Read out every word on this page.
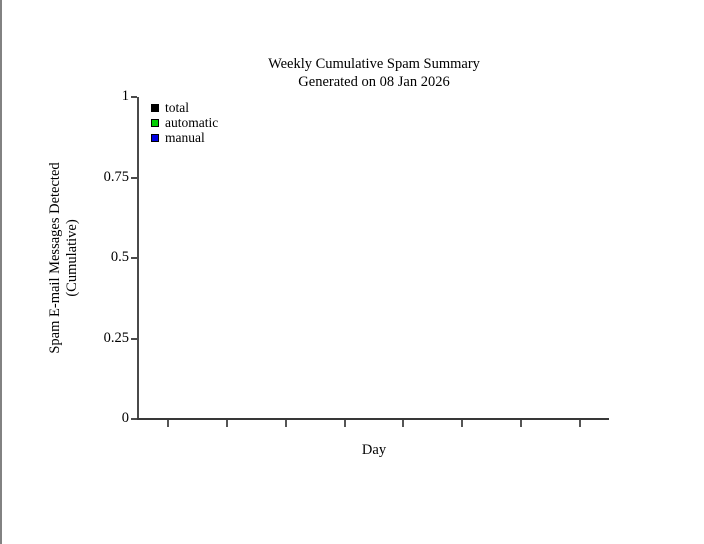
Weekly Cumulative Spam Summary
Generated on 08 Jan 2026
Spam E-mail Messages Detected (Cumulative)
1
0.75
0.5
0.25
0
total
automatic
manual
Day
